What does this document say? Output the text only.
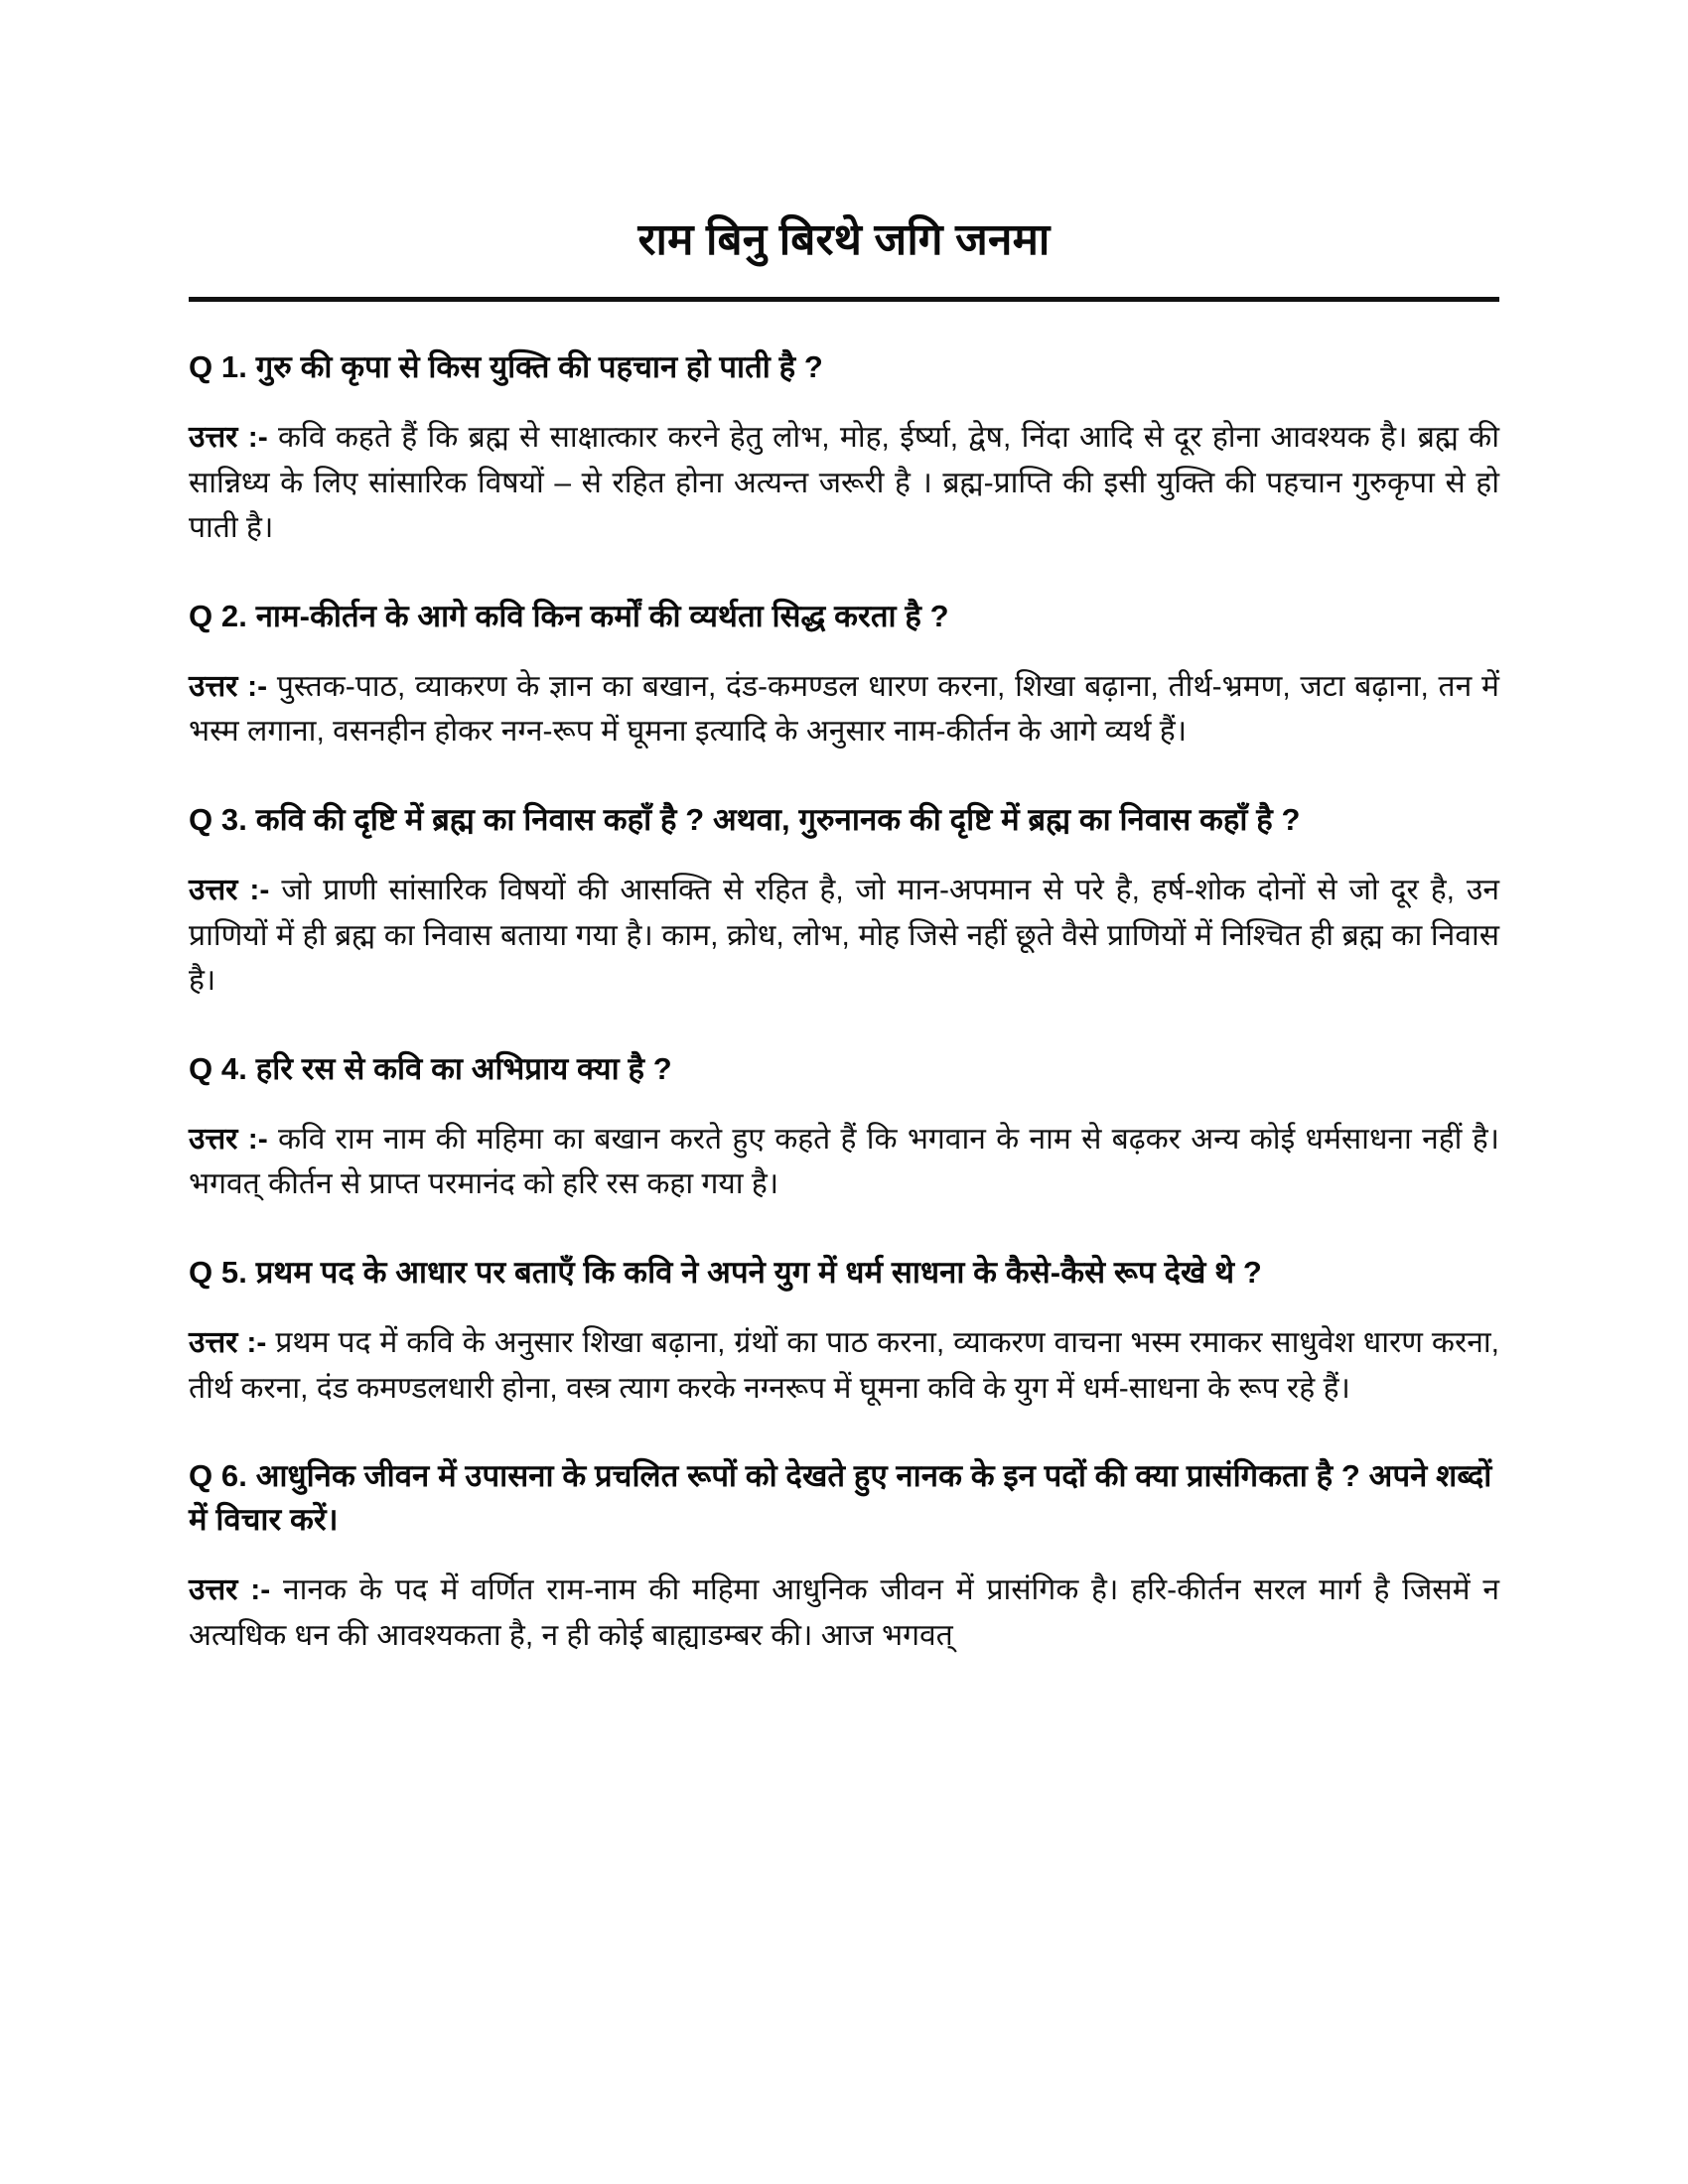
राम बिनु बिरथे जगि जनमा
Q 1. गुरु की कृपा से किस युक्ति की पहचान हो पाती है ?

उत्तर :- कवि कहते हैं कि ब्रह्म से साक्षात्कार करने हेतु लोभ, मोह, ईर्ष्या, द्वेष, निंदा आदि से दूर होना आवश्यक है। ब्रह्म की सान्निध्य के लिए सांसारिक विषयों – से रहित होना अत्यन्त जरूरी है । ब्रह्म-प्राप्ति की इसी युक्ति की पहचान गुरुकृपा से हो पाती है।

Q 2. नाम-कीर्तन के आगे कवि किन कर्मों की व्यर्थता सिद्ध करता है ?

उत्तर :- पुस्तक-पाठ, व्याकरण के ज्ञान का बखान, दंड-कमण्डल धारण करना, शिखा बढ़ाना, तीर्थ-भ्रमण, जटा बढ़ाना, तन में भस्म लगाना, वसनहीन होकर नग्न-रूप में घूमना इत्यादि के अनुसार नाम-कीर्तन के आगे व्यर्थ हैं।

Q 3. कवि की दृष्टि में ब्रह्म का निवास कहाँ है ? अथवा, गुरुनानक की दृष्टि में ब्रह्म का निवास कहाँ है ?

उत्तर :- जो प्राणी सांसारिक विषयों की आसक्ति से रहित है, जो मान-अपमान से परे है, हर्ष-शोक दोनों से जो दूर है, उन प्राणियों में ही ब्रह्म का निवास बताया गया है। काम, क्रोध, लोभ, मोह जिसे नहीं छूते वैसे प्राणियों में निश्चित ही ब्रह्म का निवास है।

Q 4. हरि रस से कवि का अभिप्राय क्या है ?

उत्तर :- कवि राम नाम की महिमा का बखान करते हुए कहते हैं कि भगवान के नाम से बढ़कर अन्य कोई धर्मसाधना नहीं है। भगवत् कीर्तन से प्राप्त परमानंद को हरि रस कहा गया है।

Q 5. प्रथम पद के आधार पर बताएँ कि कवि ने अपने युग में धर्म साधना के कैसे-कैसे रूप देखे थे ?

उत्तर :- प्रथम पद में कवि के अनुसार शिखा बढ़ाना, ग्रंथों का पाठ करना, व्याकरण वाचना भस्म रमाकर साधुवेश धारण करना, तीर्थ करना, दंड कमण्डलधारी होना, वस्त्र त्याग करके नग्नरूप में घूमना कवि के युग में धर्म-साधना के रूप रहे हैं।

Q 6. आधुनिक जीवन में उपासना के प्रचलित रूपों को देखते हुए नानक के इन पदों की क्या प्रासंगिकता है ? अपने शब्दों में विचार करें।

उत्तर :- नानक के पद में वर्णित राम-नाम की महिमा आधुनिक जीवन में प्रासंगिक है। हरि-कीर्तन सरल मार्ग है जिसमें न अत्यधिक धन की आवश्यकता है, न ही कोई बाह्याडम्बर की। आज भगवत्
